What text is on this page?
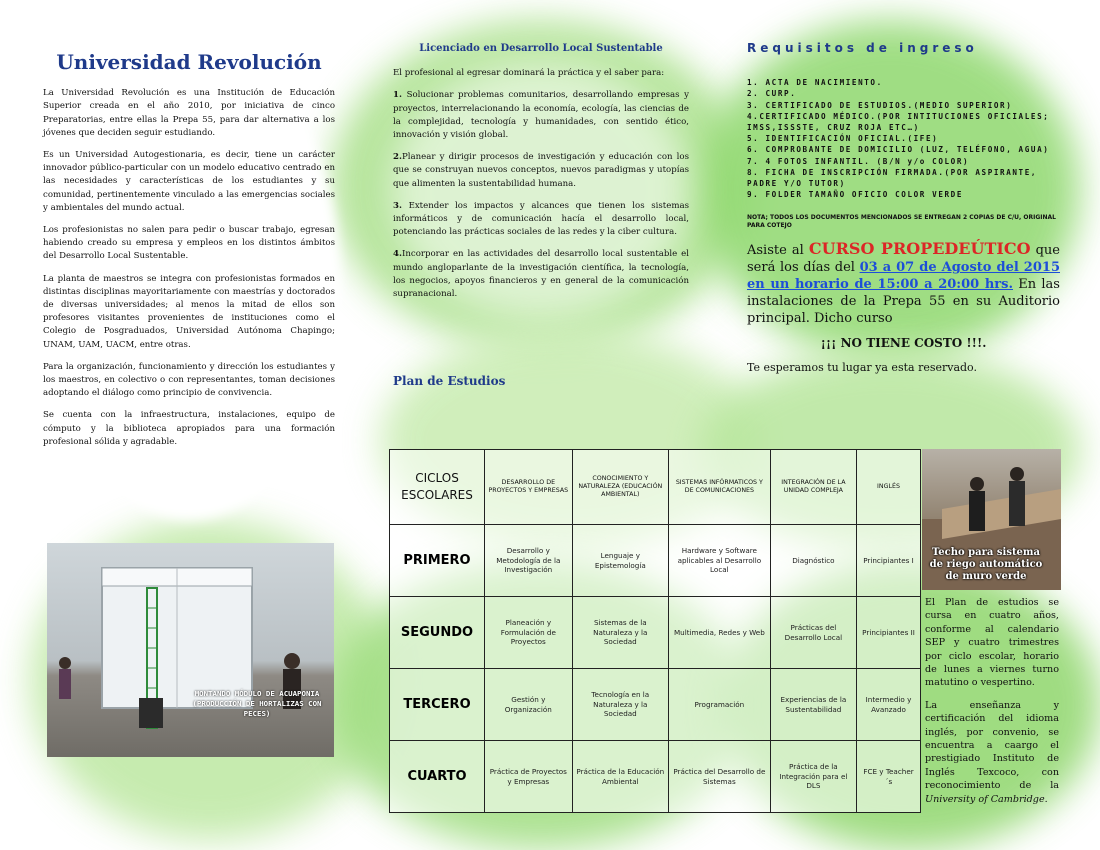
Universidad Revolución

La Universidad Revolución es una Institución de Educación Superior creada en el año 2010, por iniciativa de cinco Preparatorias, entre ellas la Prepa 55, para dar alternativa a los jóvenes que deciden seguir estudiando.

Es un Universidad Autogestionaria, es decir, tiene un carácter innovador público-particular con un modelo educativo centrado en las necesidades y características de los estudiantes y su comunidad, pertinentemente vinculado a las emergencias sociales y ambientales del mundo actual.

Los profesionistas no salen para pedir o buscar trabajo, egresan habiendo creado su empresa y empleos en los distintos ámbitos del Desarrollo Local Sustentable.

La planta de maestros se integra con profesionistas formados en distintas disciplinas mayoritariamente con maestrías y doctorados de diversas universidades; al menos la mitad de ellos son profesores visitantes provenientes de instituciones como el Colegio de Posgraduados, Universidad Autónoma Chapingo; UNAM, UAM, UACM, entre otras.

Para la organización, funcionamiento y dirección los estudiantes y los maestros, en colectivo o con representantes, toman decisiones adoptando el diálogo como principio de convivencia.

Se cuenta con la infraestructura, instalaciones, equipo de cómputo y la biblioteca apropiados para una formación profesional sólida y agradable.

MONTANDO MÓDULO DE ACUAPONIA (PRODUCCIÓN DE HORTALIZAS CON PECES)
Licenciado en Desarrollo Local Sustentable

El profesional al egresar dominará la práctica y el saber para:

1. Solucionar problemas comunitarios, desarrollando empresas y proyectos, interrelacionando la economía, ecología, las ciencias de la complejidad, tecnología y humanidades, con sentido ético, innovación y visión global.

2.Planear y dirigir procesos de investigación y educación con los que se construyan nuevos conceptos, nuevos paradigmas y utopías que alimenten la sustentabilidad humana.

3. Extender los impactos y alcances que tienen los sistemas informáticos y de comunicación hacía el desarrollo local, potenciando las prácticas sociales de las redes y la ciber cultura.

4.Incorporar en las actividades del desarrollo local sustentable el mundo angloparlante de la investigación científica, la tecnología, los negocios, apoyos financieros y en general de la comunicación supranacional.

Plan de Estudios
CICLOS ESCOLARES	DESARROLLO DE PROYECTOS Y EMPRESAS	CONOCIMIENTO Y NATURALEZA (EDUCACIÓN AMBIENTAL)	SISTEMAS INFÓRMATICOS Y DE COMUNICACIONES	INTEGRACIÓN DE LA UNIDAD COMPLEJA	INGLÉS
PRIMERO	Desarrollo y Metodología de la Investigación	Lenguaje y Epistemología	Hardware y Software aplicables al Desarrollo Local	Diagnóstico	Principiantes I
SEGUNDO	Planeación y Formulación de Proyectos	Sistemas de la Naturaleza y la Sociedad	Multimedia, Redes y Web	Prácticas del Desarrollo Local	Principiantes II
TERCERO	Gestión y Organización	Tecnología en la Naturaleza y la Sociedad	Programación	Experiencias de la Sustentabilidad	Intermedio y Avanzado
CUARTO	Práctica de Proyectos y Empresas	Práctica de la Educación Ambiental	Práctica del Desarrollo de Sistemas	Práctica de la Integración para el DLS	FCE y Teacher´s
Requisitos de ingreso
1. ACTA DE NACIMIENTO.
2. CURP.
3. CERTIFICADO DE ESTUDIOS.(MEDIO SUPERIOR)
4.CERTIFICADO MÉDICO.(POR INTITUCIONES OFICIALES; IMSS,ISSSTE, CRUZ ROJA ETC…)
5. IDENTIFICACIÓN OFICIAL.(IFE)
6. COMPROBANTE DE DOMICILIO (LUZ, TELÉFONO, AGUA)
7. 4 FOTOS INFANTIL. (B/N y/o COLOR)
8. FICHA DE INSCRIPCIÓN FIRMADA.(POR ASPIRANTE, PADRE Y/O TUTOR)
9. FOLDER TAMAÑO OFICIO COLOR VERDE
NOTA; TODOS LOS DOCUMENTOS MENCIONADOS SE ENTREGAN 2 COPIAS DE C/U, ORIGINAL PARA COTEJO
Asiste al CURSO PROPEDEÚTICO que será los días del 03 a 07 de Agosto del 2015 en un horario de 15:00 a 20:00 hrs. En las instalaciones de la Prepa 55 en su Auditorio principal. Dicho curso
¡¡¡ NO TIENE COSTO !!!.
Te esperamos tu lugar ya esta reservado.
Techo para sistema de riego automático de muro verde

El Plan de estudios se cursa en cuatro años, conforme al calendario SEP y cuatro trimestres por ciclo escolar, horario de lunes a viernes turno matutino o vespertino.

La enseñanza y certificación del idioma inglés, por convenio, se encuentra a caargo el prestigiado Instituto de Inglés Texcoco, con reconocimiento de la University of Cambridge.
